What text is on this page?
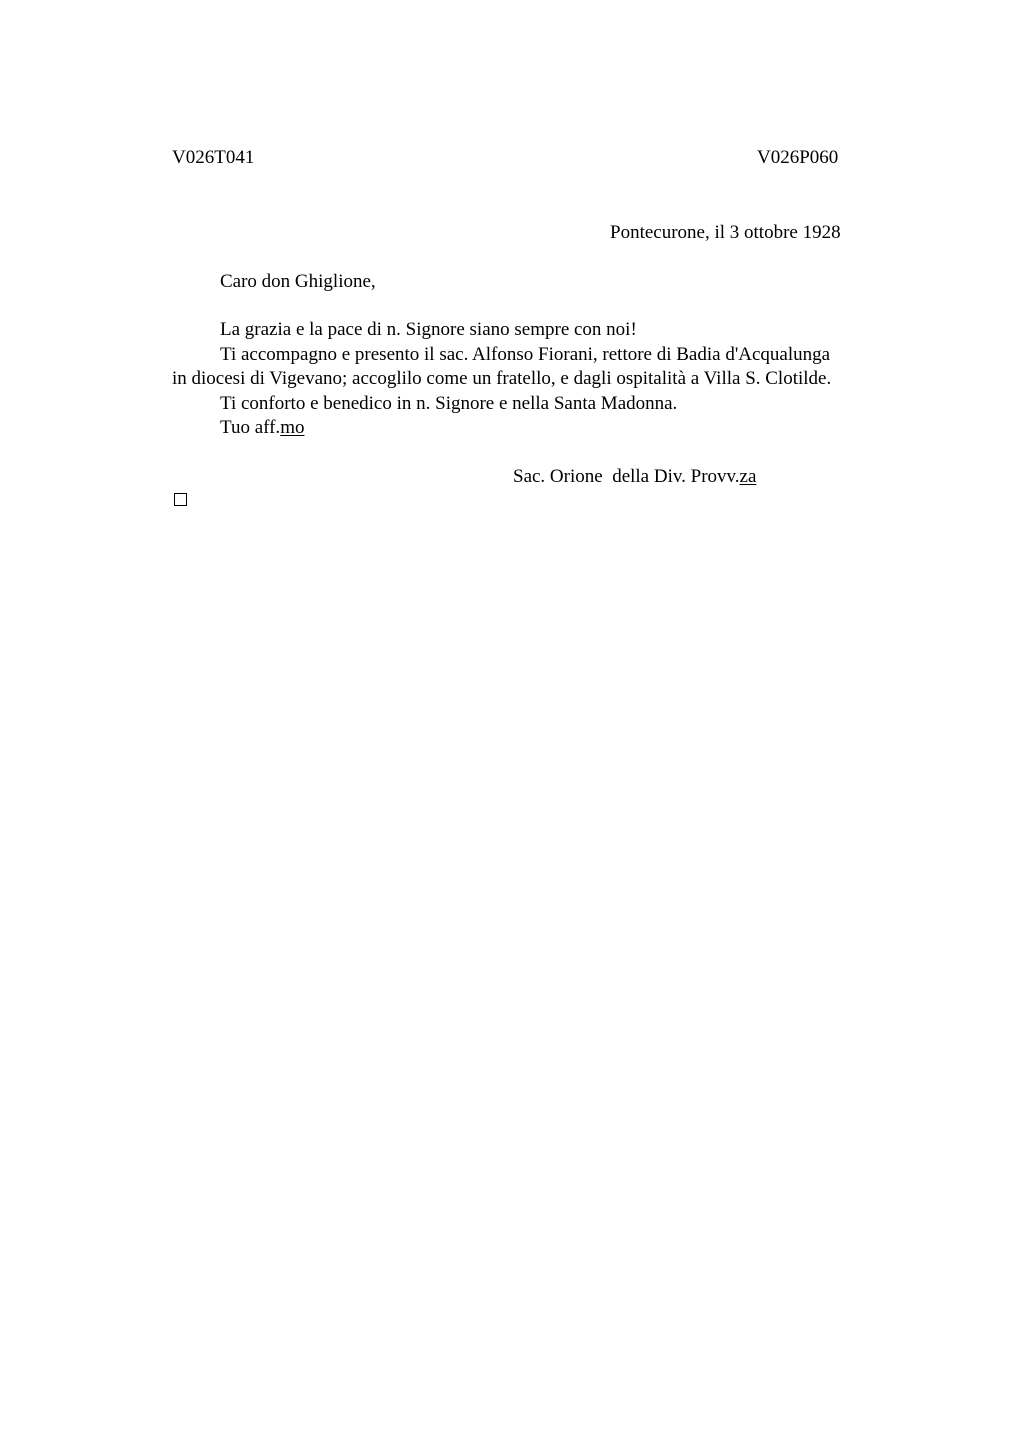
V026T041	V026P060
Pontecurone, il 3 ottobre 1928
Caro don Ghiglione,
La grazia e la pace di n. Signore siano sempre con noi!
Ti accompagno e presento il sac. Alfonso Fiorani, rettore di Badia d'Acqualunga
in diocesi di Vigevano; accoglilo come un fratello, e dagli ospitalità a Villa S. Clotilde.
Ti conforto e benedico in n. Signore e nella Santa Madonna.
Tuo aff.mo
Sac. Orione  della Div. Provv.za
